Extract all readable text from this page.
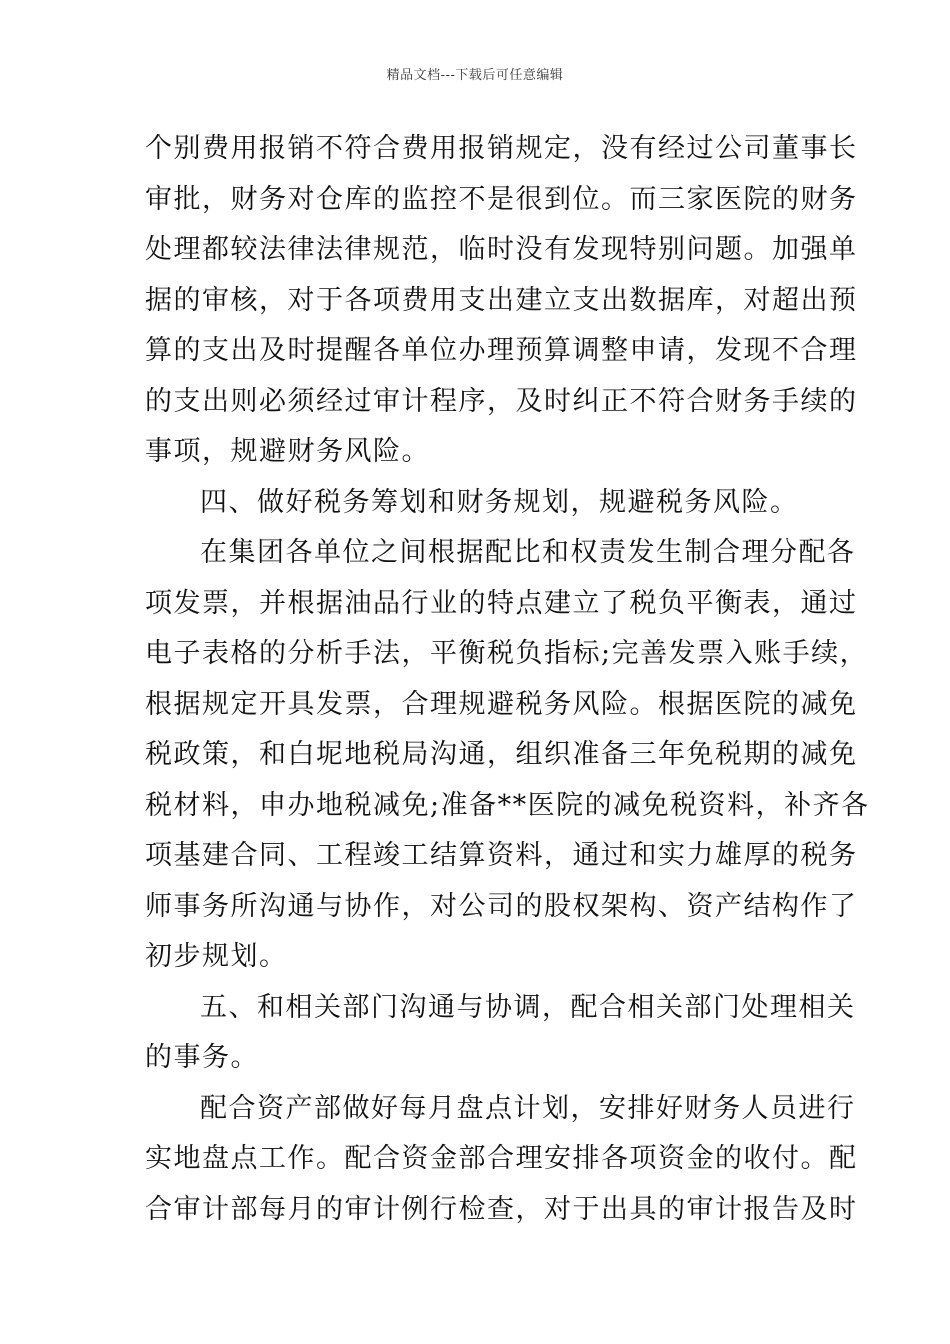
精品文档---下载后可任意编辑
个别费用报销不符合费用报销规定，没有经过公司董事长
审批，财务对仓库的监控不是很到位。而三家医院的财务
处理都较法律法律规范，临时没有发现特别问题。加强单
据的审核，对于各项费用支出建立支出数据库，对超出预
算的支出及时提醒各单位办理预算调整申请，发现不合理
的支出则必须经过审计程序，及时纠正不符合财务手续的
事项，规避财务风险。
四、做好税务筹划和财务规划，规避税务风险。
在集团各单位之间根据配比和权责发生制合理分配各
项发票，并根据油品行业的特点建立了税负平衡表，通过
电子表格的分析手法，平衡税负指标;完善发票入账手续，
根据规定开具发票，合理规避税务风险。根据医院的减免
税政策，和白坭地税局沟通，组织准备三年免税期的减免
税材料，申办地税减免;准备**医院的减免税资料，补齐各
项基建合同、工程竣工结算资料，通过和实力雄厚的税务
师事务所沟通与协作，对公司的股权架构、资产结构作了
初步规划。
五、和相关部门沟通与协调，配合相关部门处理相关
的事务。
配合资产部做好每月盘点计划，安排好财务人员进行
实地盘点工作。配合资金部合理安排各项资金的收付。配
合审计部每月的审计例行检查，对于出具的审计报告及时
